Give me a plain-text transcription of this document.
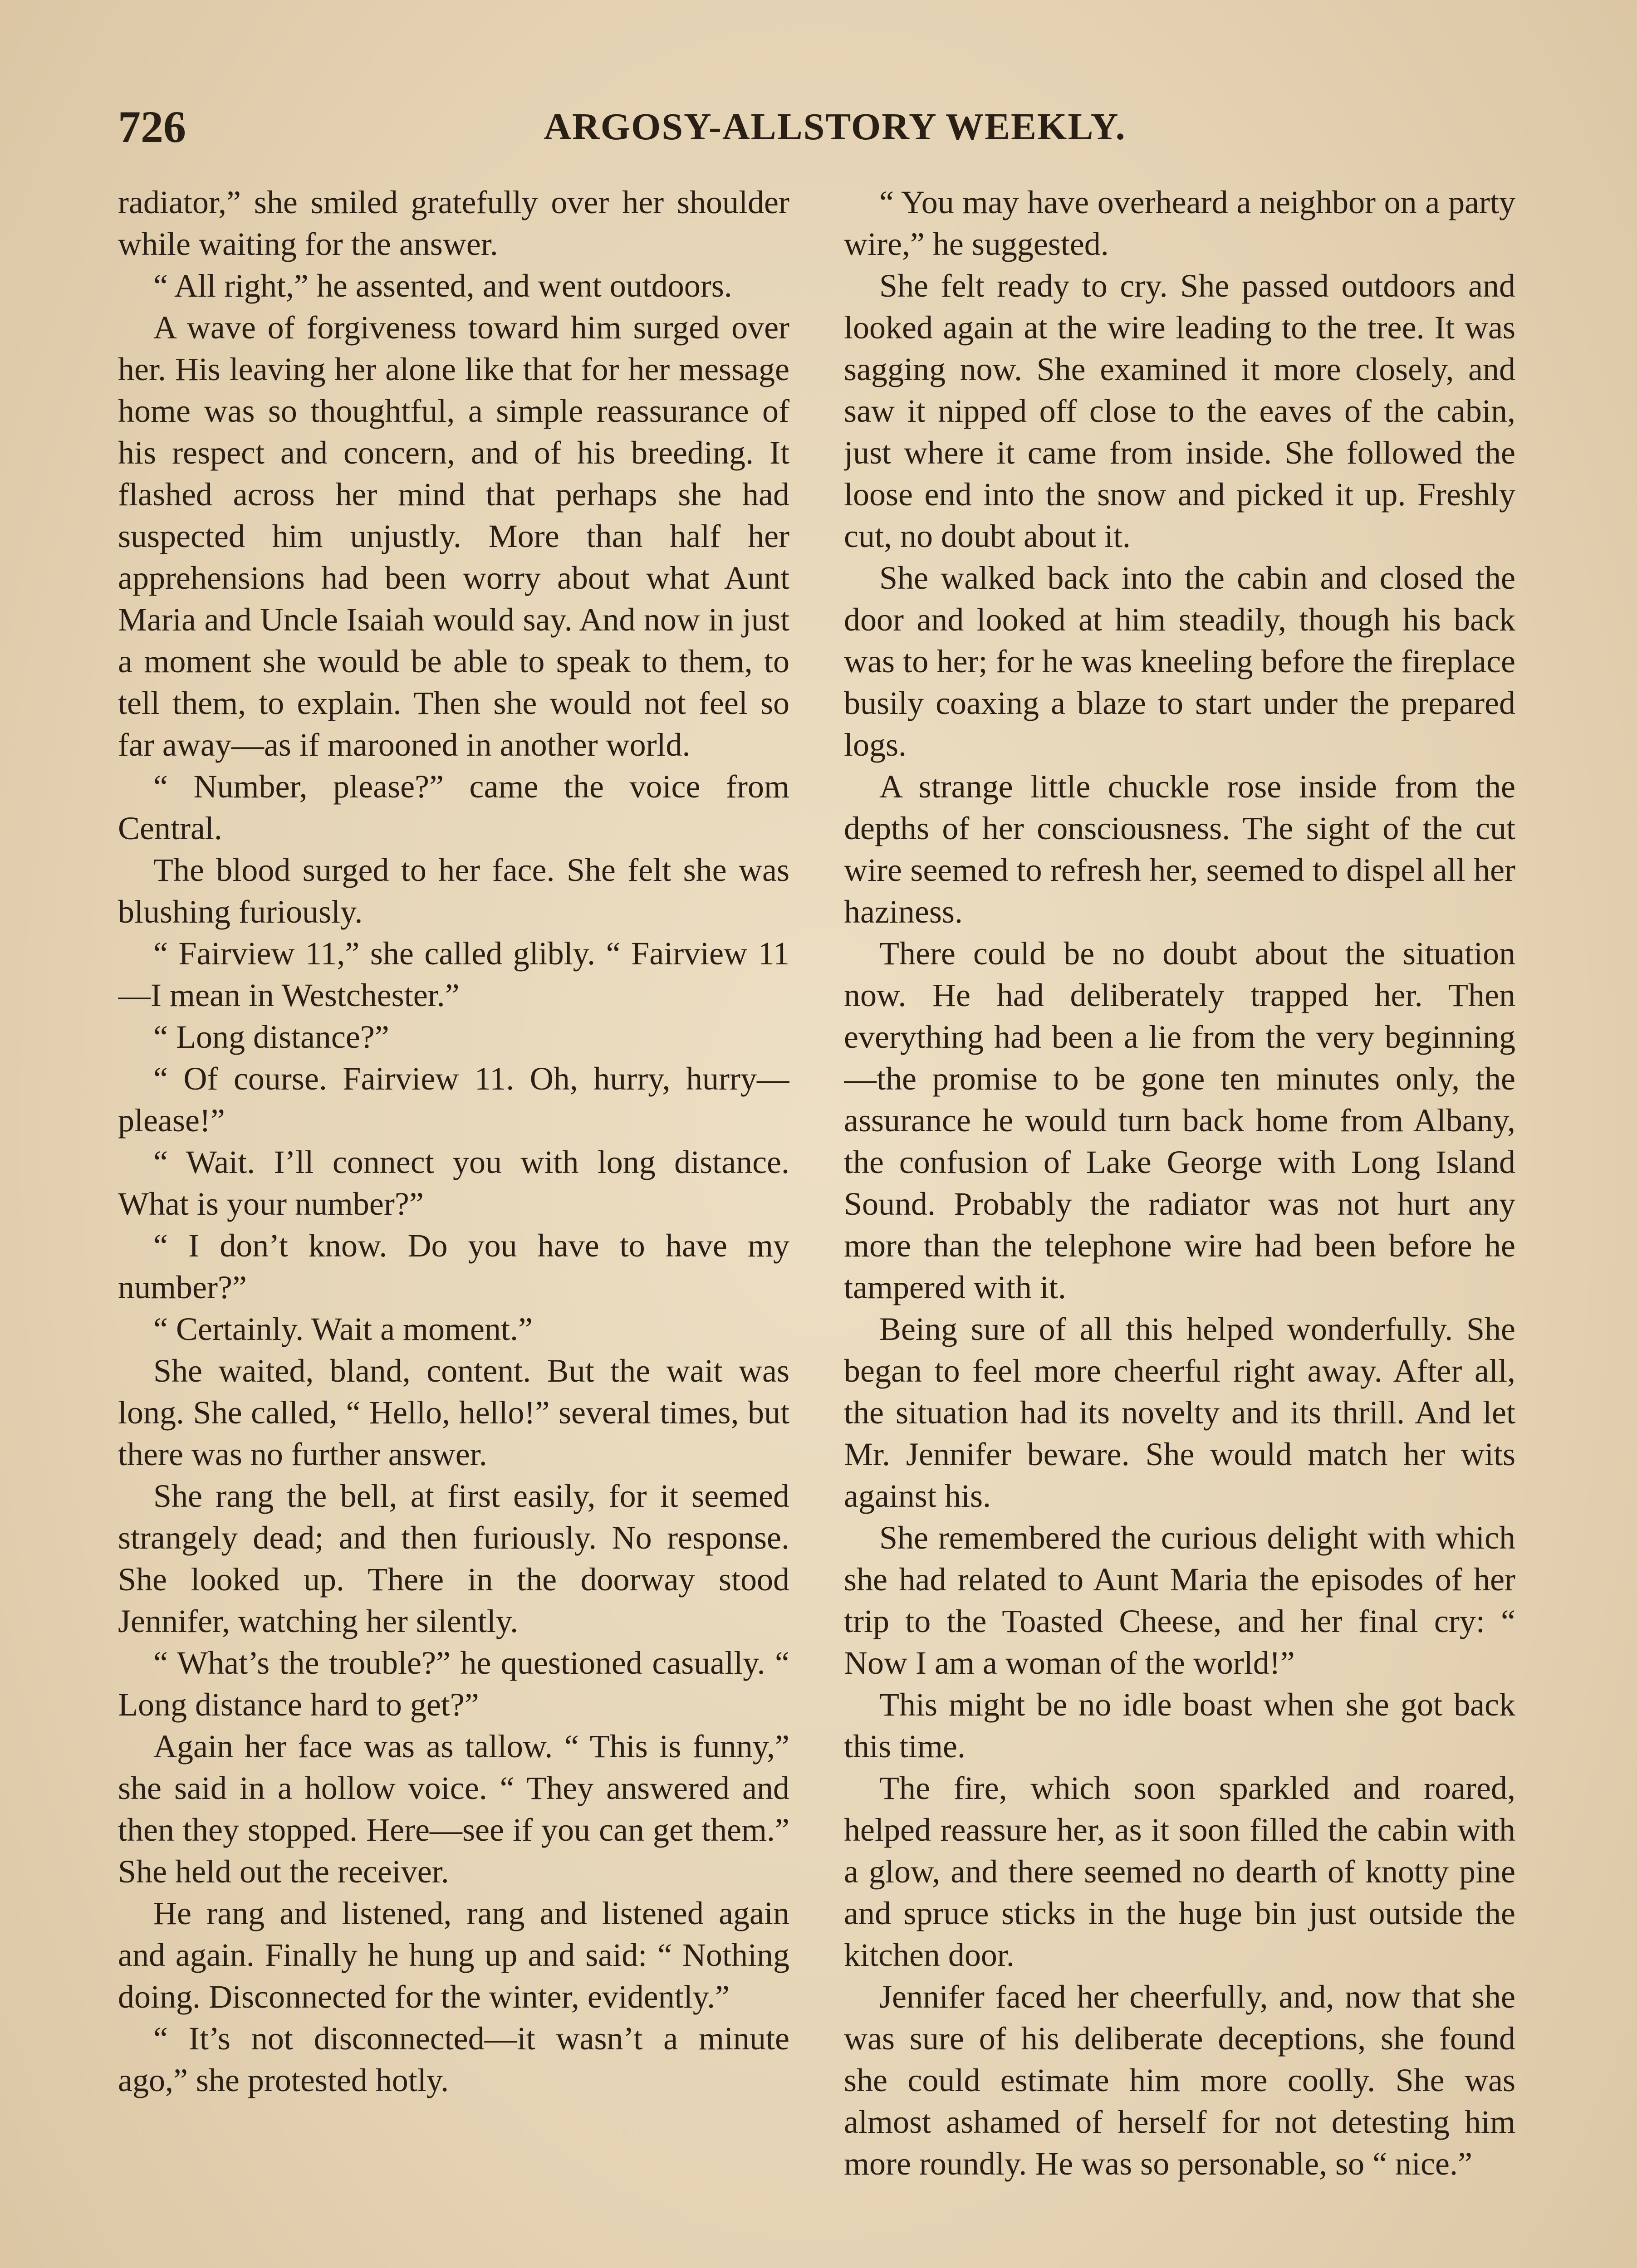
726	ARGOSY-ALLSTORY WEEKLY.

radiator,” she smiled gratefully over her shoulder while waiting for the answer.

“ All right,” he assented, and went outdoors.

A wave of forgiveness toward him surged over her. His leaving her alone like that for her message home was so thoughtful, a simple reassurance of his respect and concern, and of his breeding. It flashed across her mind that perhaps she had suspected him unjustly. More than half her apprehensions had been worry about what Aunt Maria and Uncle Isaiah would say. And now in just a moment she would be able to speak to them, to tell them, to explain. Then she would not feel so far away—as if marooned in another world.

“ Number, please?” came the voice from Central.

The blood surged to her face. She felt she was blushing furiously.

“ Fairview 11,” she called glibly. “ Fairview 11—I mean in Westchester.”

“ Long distance?”

“ Of course. Fairview 11. Oh, hurry, hurry—please!”

“ Wait. I’ll connect you with long distance. What is your number?”

“ I don’t know. Do you have to have my number?”

“ Certainly. Wait a moment.”

She waited, bland, content. But the wait was long. She called, “ Hello, hello!” several times, but there was no further answer.

She rang the bell, at first easily, for it seemed strangely dead; and then furiously. No response. She looked up. There in the doorway stood Jennifer, watching her silently.

“ What’s the trouble?” he questioned casually. “ Long distance hard to get?”

Again her face was as tallow. “ This is funny,” she said in a hollow voice. “ They answered and then they stopped. Here—see if you can get them.” She held out the receiver.

He rang and listened, rang and listened again and again. Finally he hung up and said: “ Nothing doing. Disconnected for the winter, evidently.”

“ It’s not disconnected—it wasn’t a minute ago,” she protested hotly.

“ You may have overheard a neighbor on a party wire,” he suggested.

She felt ready to cry. She passed outdoors and looked again at the wire leading to the tree. It was sagging now. She examined it more closely, and saw it nipped off close to the eaves of the cabin, just where it came from inside. She followed the loose end into the snow and picked it up. Freshly cut, no doubt about it.

She walked back into the cabin and closed the door and looked at him steadily, though his back was to her; for he was kneeling before the fireplace busily coaxing a blaze to start under the prepared logs.

A strange little chuckle rose inside from the depths of her consciousness. The sight of the cut wire seemed to refresh her, seemed to dispel all her haziness.

There could be no doubt about the situation now. He had deliberately trapped her. Then everything had been a lie from the very beginning—the promise to be gone ten minutes only, the assurance he would turn back home from Albany, the confusion of Lake George with Long Island Sound. Probably the radiator was not hurt any more than the telephone wire had been before he tampered with it.

Being sure of all this helped wonderfully. She began to feel more cheerful right away. After all, the situation had its novelty and its thrill. And let Mr. Jennifer beware. She would match her wits against his.

She remembered the curious delight with which she had related to Aunt Maria the episodes of her trip to the Toasted Cheese, and her final cry: “ Now I am a woman of the world!”

This might be no idle boast when she got back this time.

The fire, which soon sparkled and roared, helped reassure her, as it soon filled the cabin with a glow, and there seemed no dearth of knotty pine and spruce sticks in the huge bin just outside the kitchen door.

Jennifer faced her cheerfully, and, now that she was sure of his deliberate deceptions, she found she could estimate him more coolly. She was almost ashamed of herself for not detesting him more roundly. He was so personable, so “ nice.”
